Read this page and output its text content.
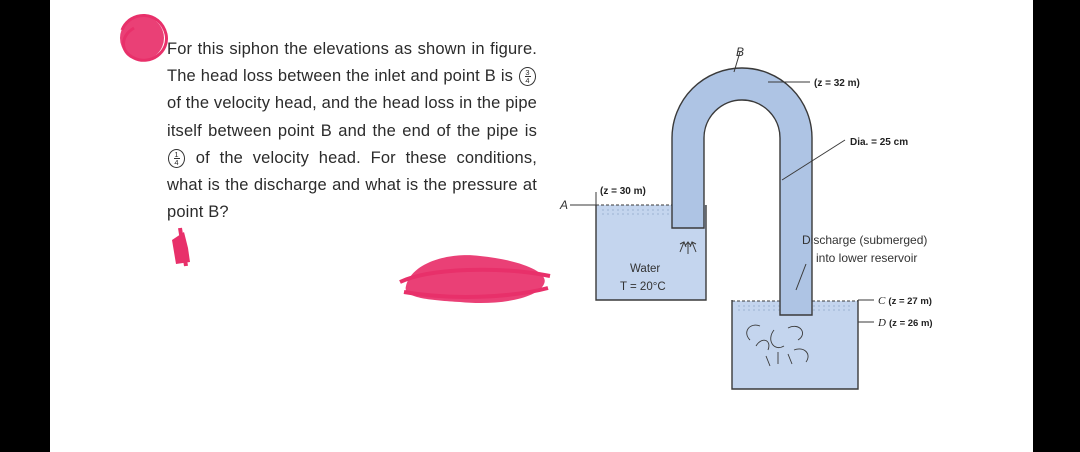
For this siphon the elevations as shown in figure. The head loss between the inlet and point B is $\frac{3}{4}$
of the velocity head, and the head loss in the pipe itself between point B and the end of the pipe is
$\frac{1}{4}$ of the velocity head. For these conditions, what is the discharge and what is the pressure at point B?

B
(z = 32 m)
Dia. = 25 cm
A
(z = 30 m)
Water
T = 20°C
Discharge (submerged)
into lower reservoir
C (z = 27 m)
D (z = 26 m)
